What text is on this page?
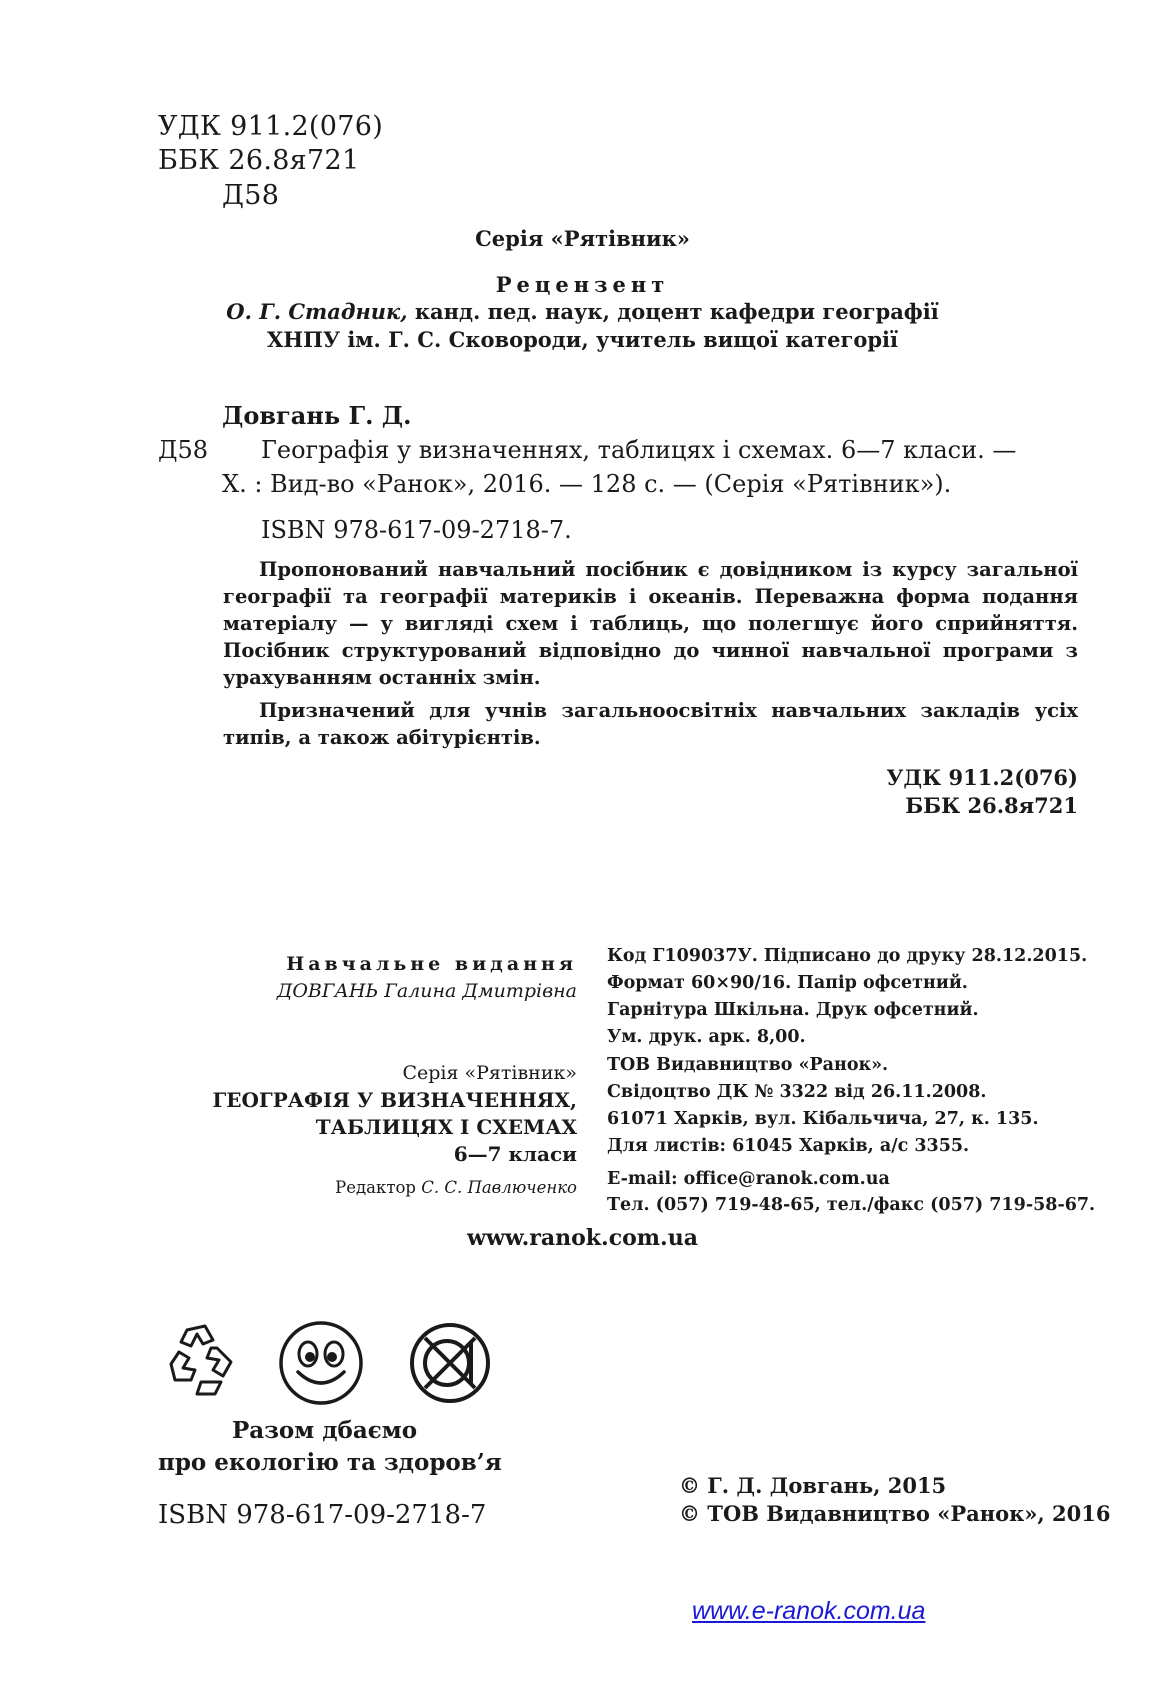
УДК 911.2(076)
ББК 26.8я721
Д58
Серія «Рятівник»
Рецензент
О. Г. Стадник, канд. пед. наук, доцент кафедри географії
ХНПУ ім. Г. С. Сковороди, учитель вищої категорії
Довгань Г. Д.
Д58 Географія у визначеннях, таблицях і схемах. 6—7 класи. —
Х. : Вид-во «Ранок», 2016. — 128 с. — (Серія «Рятівник»).
ISBN 978-617-09-2718-7.
Пропонований навчальний посібник є довідником із курсу загальної географії та географії материків і океанів. Переважна форма подання матеріалу — у вигляді схем і таблиць, що полегшує його сприйняття. Посібник структурований відповідно до чинної навчальної програми з урахуванням останніх змін.
Призначений для учнів загальноосвітніх навчальних закладів усіх типів, а також абітурієнтів.
УДК 911.2(076)
ББК 26.8я721
Навчальне видання
ДОВГАНЬ Галина Дмитрівна
Серія «Рятівник»
ГЕОГРАФІЯ У ВИЗНАЧЕННЯХ,
ТАБЛИЦЯХ І СХЕМАХ
6—7 класи
Редактор С. С. Павлюченко
Код Г109037У. Підписано до друку 28.12.2015.
Формат 60×90/16. Папір офсетний.
Гарнітура Шкільна. Друк офсетний.
Ум. друк. арк. 8,00.
ТОВ Видавництво «Ранок».
Свідоцтво ДК № 3322 від 26.11.2008.
61071 Харків, вул. Кібальчича, 27, к. 135.
Для листів: 61045 Харків, а/с 3355.
E-mail: office@ranok.com.ua
Тел. (057) 719-48-65, тел./факс (057) 719-58-67.
www.ranok.com.ua
Разом дбаємо
про екологію та здоров’я
ISBN 978-617-09-2718-7
© Г. Д. Довгань, 2015
© ТОВ Видавництво «Ранок», 2016
www.e-ranok.com.ua
